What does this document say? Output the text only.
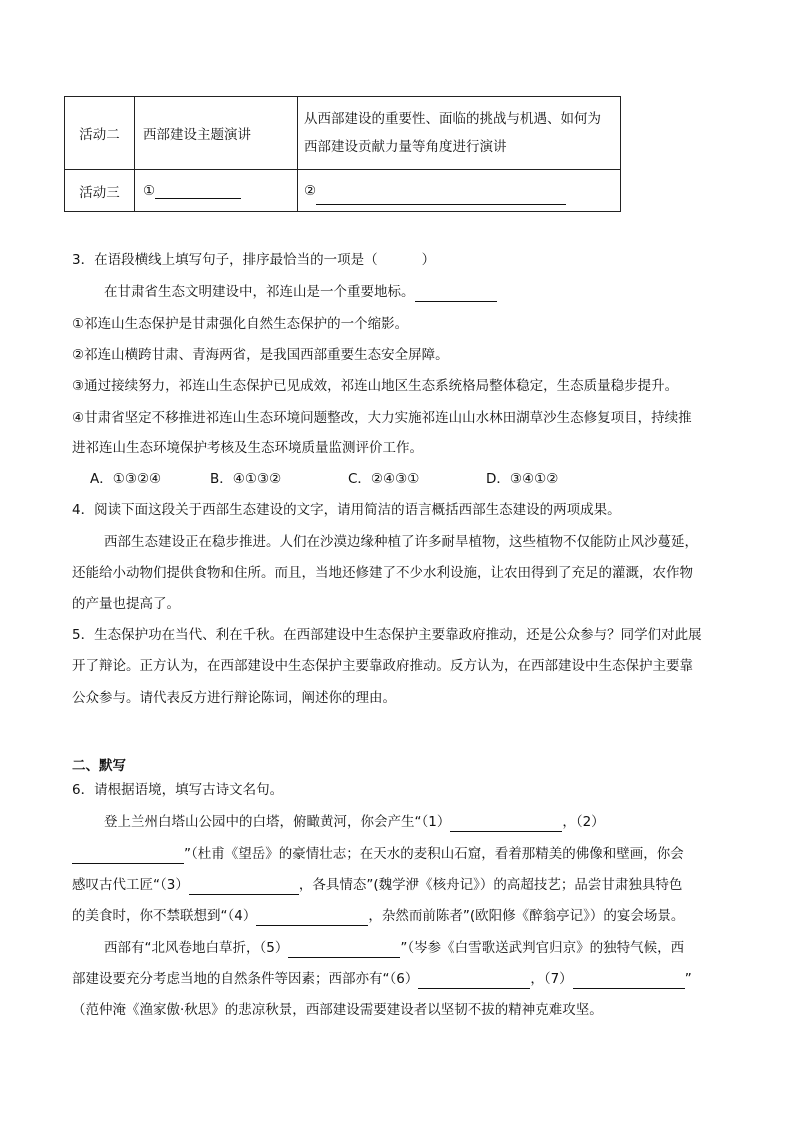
活动二	西部建设主题演讲	从西部建设的重要性、面临的挑战与机遇、如何为
西部建设贡献力量等角度进行演讲

活动三	①	②
3．在语段横线上填写句子，排序最恰当的一项是（	）
在甘肃省生态文明建设中，祁连山是一个重要地标。
①祁连山生态保护是甘肃强化自然生态保护的一个缩影。
②祁连山横跨甘肃、青海两省，是我国西部重要生态安全屏障。
③通过接续努力，祁连山生态保护已见成效，祁连山地区生态系统格局整体稳定，生态质量稳步提升。
④甘肃省坚定不移推进祁连山生态环境问题整改，大力实施祁连山山水林田湖草沙生态修复项目，持续推
进祁连山生态环境保护考核及生态环境质量监测评价工作。
A．①③②④	B．④①③②	C．②④③①	D．③④①②
4．阅读下面这段关于西部生态建设的文字，请用简洁的语言概括西部生态建设的两项成果。
西部生态建设正在稳步推进。人们在沙漠边缘种植了许多耐旱植物，这些植物不仅能防止风沙蔓延，
还能给小动物们提供食物和住所。而且，当地还修建了不少水利设施，让农田得到了充足的灌溉，农作物
的产量也提高了。
5．生态保护功在当代、利在千秋。在西部建设中生态保护主要靠政府推动，还是公众参与？同学们对此展
开了辩论。正方认为，在西部建设中生态保护主要靠政府推动。反方认为，在西部建设中生态保护主要靠
公众参与。请代表反方进行辩论陈词，阐述你的理由。
二、默写
6．请根据语境，填写古诗文名句。
登上兰州白塔山公园中的白塔，俯瞰黄河，你会产生“（1）	，（2）
”（杜甫《望岳》的豪情壮志；在天水的麦积山石窟，看着那精美的佛像和壁画，你会
感叹古代工匠“（3）	，各具情态”(魏学洢《核舟记》）的高超技艺；品尝甘肃独具特色
的美食时，你不禁联想到“（4）	，杂然而前陈者”(欧阳修《醉翁亭记》）的宴会场景。
西部有“北风卷地白草折，（5）	”（岑参《白雪歌送武判官归京》的独特气候，西
部建设要充分考虑当地的自然条件等因素；西部亦有“（6）	，（7）	”
（范仲淹《渔家傲·秋思》的悲凉秋景，西部建设需要建设者以坚韧不拔的精神克难攻坚。
